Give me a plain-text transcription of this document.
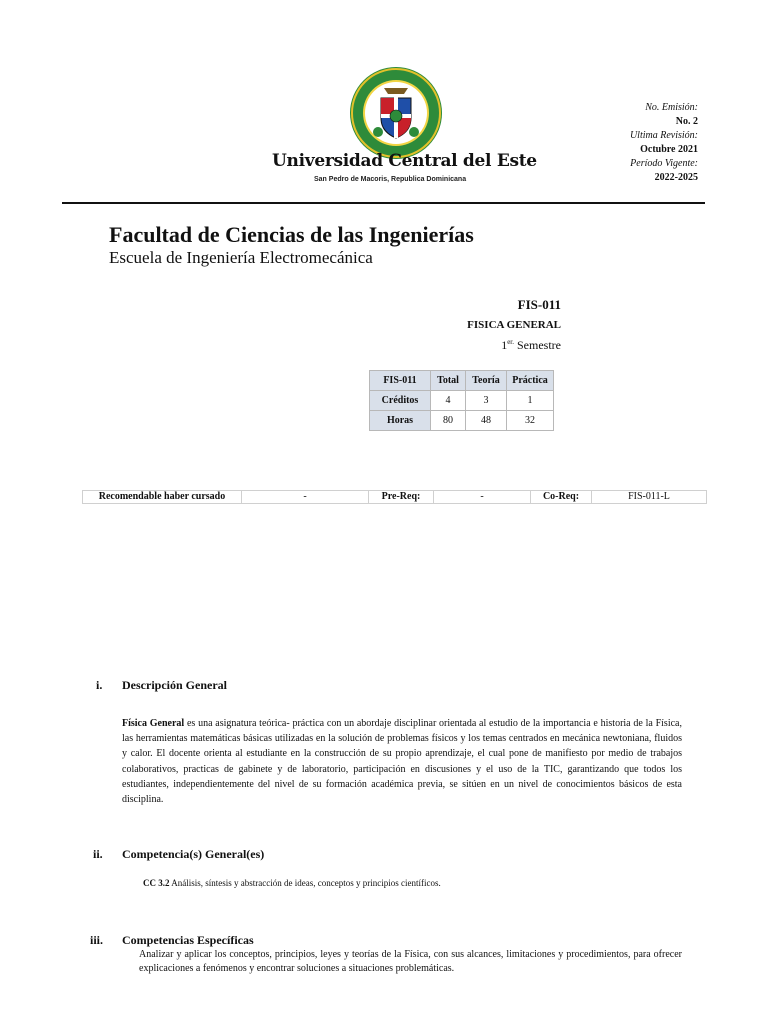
Universidad Central del Este
San Pedro de Macoris, Republica Dominicana
No. Emisión:
No. 2
Ultima Revisión:
Octubre 2021
Período Vigente:
2022-2025
Facultad de Ciencias de las Ingenierías
Escuela de Ingeniería Electromecánica
FIS-011
FISICA GENERAL
$1^{er.}$ Semestre
FIS-011	Total	Teoría	Práctica
Créditos	4	3	1
Horas	80	48	32
Recomendable haber cursado	-	Pre-Req:	-	Co-Req:	FIS-011-L
i. Descripción General
Física General es una asignatura teórica- práctica con un abordaje disciplinar orientada al estudio de la importancia e historia de la Física, las herramientas matemáticas básicas utilizadas en la solución de problemas físicos y los temas centrados en mecánica newtoniana, fluidos y calor. El docente orienta al estudiante en la construcción de su propio aprendizaje, el cual pone de manifiesto por medio de trabajos colaborativos, practicas de gabinete y de laboratorio, participación en discusiones y el uso de la TIC, garantizando que todos los estudiantes, independientemente del nivel de su formación académica previa, se sitúen en un nivel de conocimientos básicos de esta disciplina.
ii. Competencia(s) General(es)
CC 3.2 Análisis, síntesis y abstracción de ideas, conceptos y principios científicos.
iii. Competencias Específicas
Analizar y aplicar los conceptos, principios, leyes y teorías de la Física, con sus alcances, limitaciones y procedimientos, para ofrecer explicaciones a fenómenos y encontrar soluciones a situaciones problemáticas.
